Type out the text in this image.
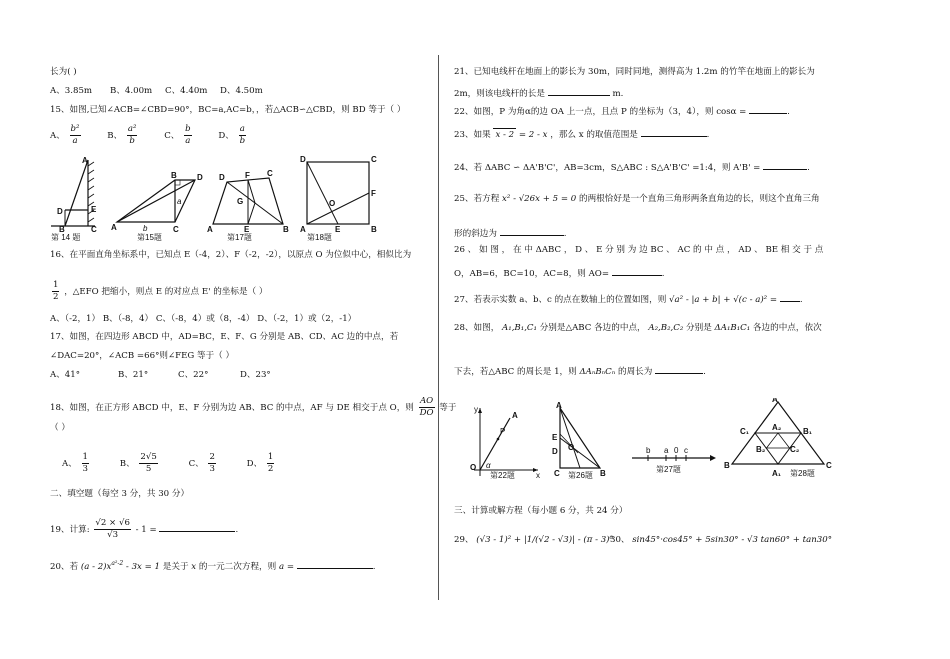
长为( )
A、3.85m B、4.00m C、4.40m D、4.50m
15、如图,已知∠ACB=∠CBD=90°，BC=a,AC=b，，若△ACB∽△CBD，则 BD 等于（ ）
A、 $\frac{\text{b²}}{a}$	B、 $\frac{\text{a²}}{b}$	C、 $\frac{b}{a}$	D、 $\frac{a}{b}$
A
D	E
B	C
第 14 题
A
B	D
C
a
b
第15题
A
D	F C
G
E	B
第17题
D	C
F
O
A	E	B
第18题
16、在平面直角坐标系中，已知点 E（-4，2）、F（-2，-2），以原点 O 为位似中心，相似比为
$\frac{1}{2}$ ，△EFO 把缩小，则点 E 的对应点 E' 的坐标是（ ）
A、（-2，1） B、（-8，4） C、（-8，4）或（8，-4） D、（-2，1）或（2，-1）
17、如图，在四边形 ABCD 中，AD=BC，E、F、G 分别是 AB、CD、AC 边的中点，若
∠DAC=20°，∠ACB =66°则∠FEG 等于（ ）
A、41°	B、21°	C、22°	D、23°
18、如图，在正方形 ABCD 中，E、F 分别为边 AB、BC 的中点，AF 与 DE 相交于点 O，则 $\frac{AO}{DO}$ 等于
（ ）
A、 $\frac{1}{3}$	B、 $\frac{2√5}{5}$	C、 $\frac{2}{3}$	D、 $\frac{1}{2}$
二、填空题（每空 3 分，共 30 分）
19、计算: $\frac{√2 \times √6}{√3} - 1$ =	.
20、若 $(a - 2)x^{a^2-2} - 3x = 1$ 是关于 x 的一元二次方程，则 a =	.
21、已知电线杆在地面上的影长为 30m，同时同地，测得高为 1.2m 的竹竿在地面上的影长为
2m，则该电线杆的长是	m.
22、如图，P 为角α的边 OA 上一点，且点 P 的坐标为（3，4），则 cosα =	.
23、如果 x - 2 = 2 - x ，那么 x 的取值范围是	.
24、若 ΔABC ∽ ΔA'B'C'，AB=3cm，S△ABC : S△A'B'C' =1:4，则 A'B' =	.
25、若方程 x² - √26x + 5 = 0 的两根恰好是一个直角三角形两条直角边的长，则这个直角三角
形的斜边为	.
26 、 如 图 ， 在 中 ΔABC ， D 、 E 分 别 为 边 BC 、 AC 的 中 点 ， AD 、 BE 相 交 于 点
O，AB=6，BC=10，AC=8，则 AO=	.
27、若表示实数 a、b、c 的点在数轴上的位置如图，则 √a² - |a + b| + √(c - a)² =	.
28、如图， A₁,B₁,C₁ 分别是△ABC 各边的中点， A₂,B₂,C₂ 分别是 ΔA₁B₁C₁ 各边的中点，依次
下去，若△ABC 的周长是 1，则 ΔAₙBₙCₙ 的周长为	.
A
P
O
y
x
α
第22题
A
E
D O
C	B
第26题
b a 0 c
第27题
A
C₁	B₁
A₂
B₂	C₂
B	C
A₁ 第28题
三、计算或解方程（每小题 6 分，共 24 分）
29、 (√3 - 1)² + |1/(√2 - √3)| - (π - 3)⁰
30、 sin45°·cos45° + 5sin30° - √3 tan60° + tan30°
